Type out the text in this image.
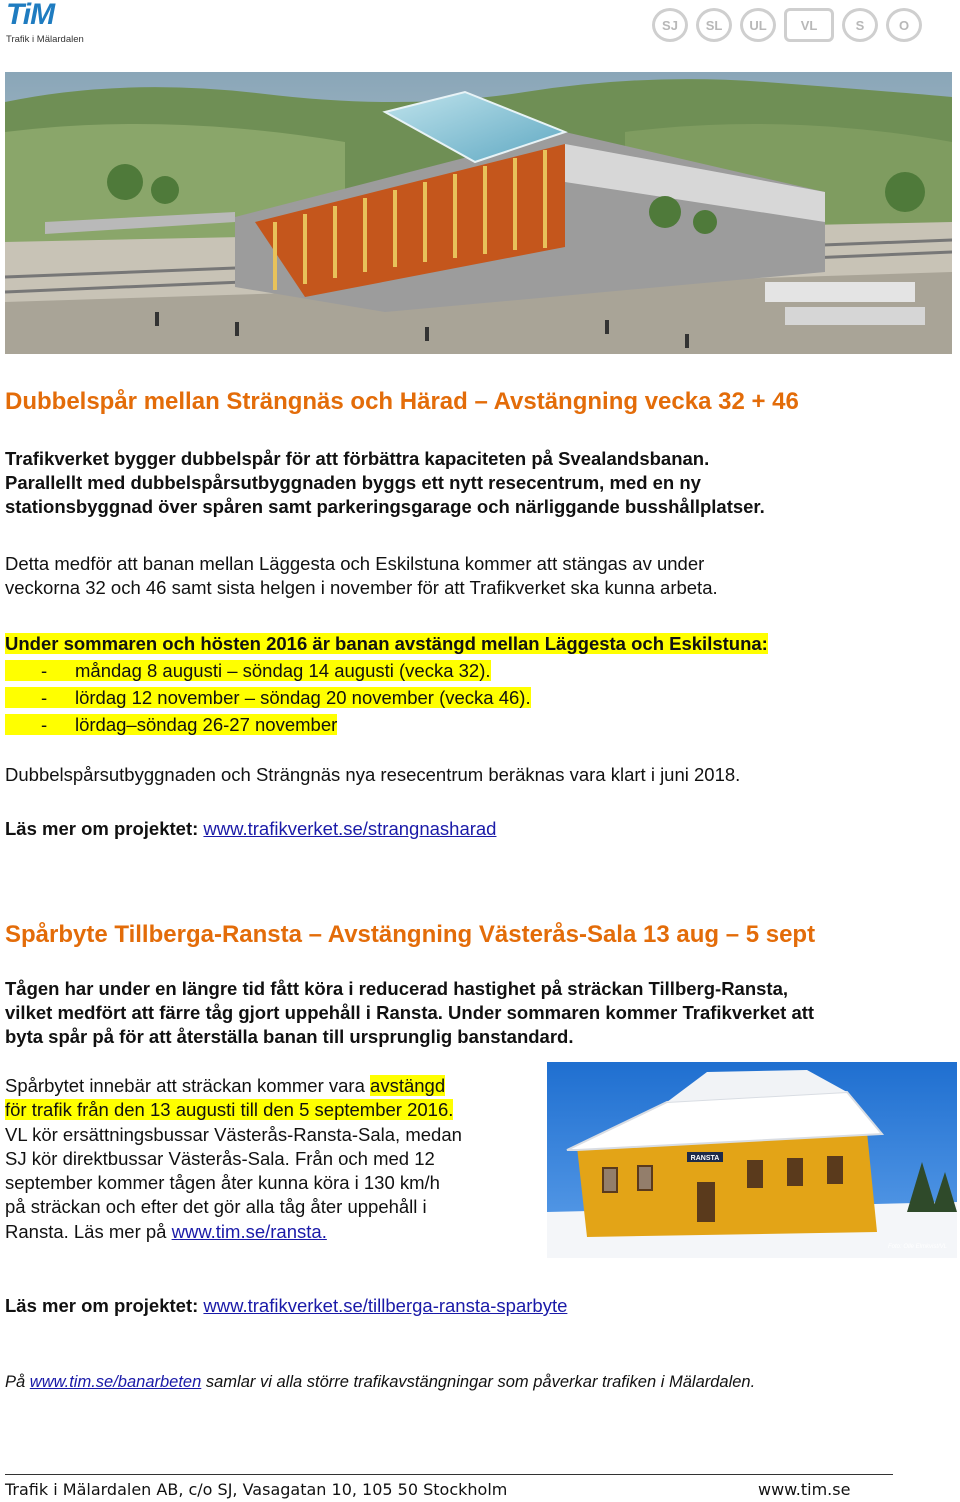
TiM
Trafik i Mälardalen
SJ	SL	UL	VL	S	O
Dubbelspår mellan Strängnäs och Härad – Avstängning vecka 32 + 46
Trafikverket bygger dubbelspår för att förbättra kapaciteten på Svealandsbanan.
Parallellt med dubbelspårsutbyggnaden byggs ett nytt resecentrum, med en ny
stationsbyggnad över spåren samt parkeringsgarage och närliggande busshållplatser.
Detta medför att banan mellan Läggesta och Eskilstuna kommer att stängas av under
veckorna 32 och 46 samt sista helgen i november för att Trafikverket ska kunna arbeta.
Under sommaren och hösten 2016 är banan avstängd mellan Läggesta och Eskilstuna:
- måndag 8 augusti – söndag 14 augusti (vecka 32).
- lördag 12 november – söndag 20 november (vecka 46).
- lördag–söndag 26-27 november
Dubbelspårsutbyggnaden och Strängnäs nya resecentrum beräknas vara klart i juni 2018.
Läs mer om projektet: www.trafikverket.se/strangnasharad
Spårbyte Tillberga-Ransta – Avstängning Västerås-Sala 13 aug – 5 sept
Tågen har under en längre tid fått köra i reducerad hastighet på sträckan Tillberg-Ransta,
vilket medfört att färre tåg gjort uppehåll i Ransta. Under sommaren kommer Trafikverket att
byta spår på för att återställa banan till ursprunglig banstandard.
Spårbytet innebär att sträckan kommer vara avstängd
för trafik från den 13 augusti till den 5 september 2016.
VL kör ersättningsbussar Västerås-Ransta-Sala, medan
SJ kör direktbussar Västerås-Sala. Från och med 12
september kommer tågen åter kunna köra i 130 km/h
på sträckan och efter det gör alla tåg åter uppehåll i
Ransta. Läs mer på www.tim.se/ransta.
RANSTA
Foto: Olle Elmkvist/VL
Läs mer om projektet: www.trafikverket.se/tillberga-ransta-sparbyte
På www.tim.se/banarbeten samlar vi alla större trafikavstängningar som påverkar trafiken i Mälardalen.
Trafik i Mälardalen AB, c/o SJ, Vasagatan 10, 105 50 Stockholm	www.tim.se
